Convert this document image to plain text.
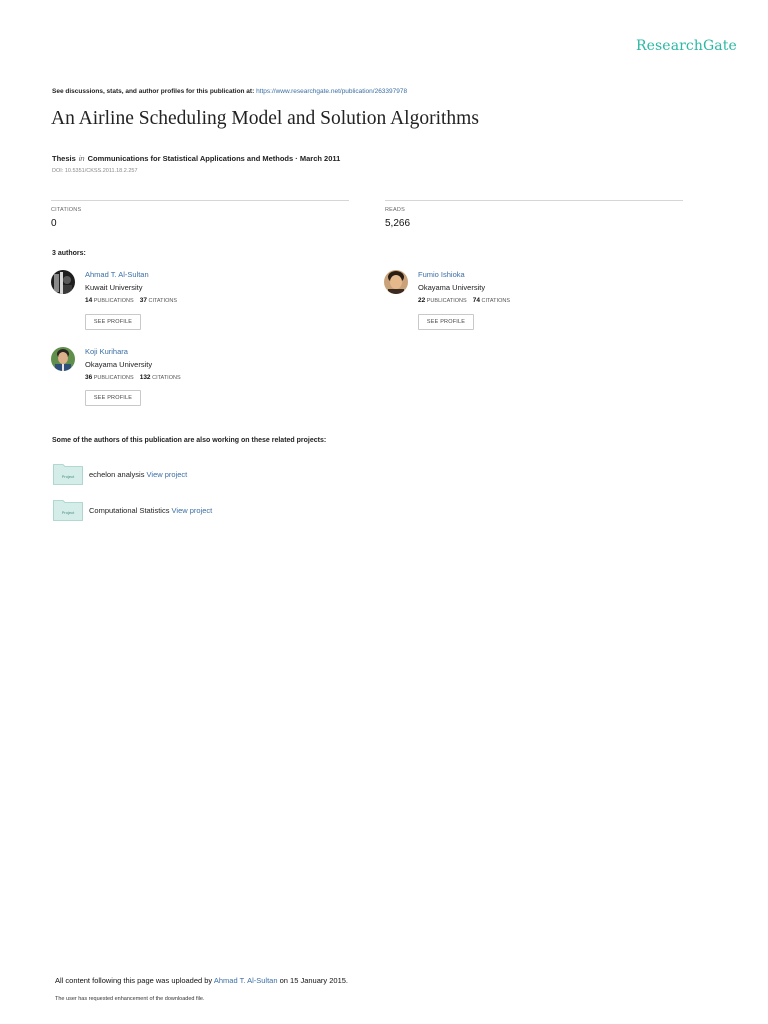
ResearchGate
See discussions, stats, and author profiles for this publication at: https://www.researchgate.net/publication/263397978
An Airline Scheduling Model and Solution Algorithms
Thesis in Communications for Statistical Applications and Methods · March 2011
DOI: 10.5351/CKSS.2011.18.2.257
CITATIONS
0
READS
5,266
3 authors:
Ahmad T. Al-Sultan
Kuwait University
14 PUBLICATIONS 37 CITATIONS
SEE PROFILE
Fumio Ishioka
Okayama University
22 PUBLICATIONS 74 CITATIONS
SEE PROFILE
Koji Kurihara
Okayama University
36 PUBLICATIONS 132 CITATIONS
SEE PROFILE
Some of the authors of this publication are also working on these related projects:
Project echelon analysis View project
Project Computational Statistics View project
All content following this page was uploaded by Ahmad T. Al-Sultan on 15 January 2015.
The user has requested enhancement of the downloaded file.
